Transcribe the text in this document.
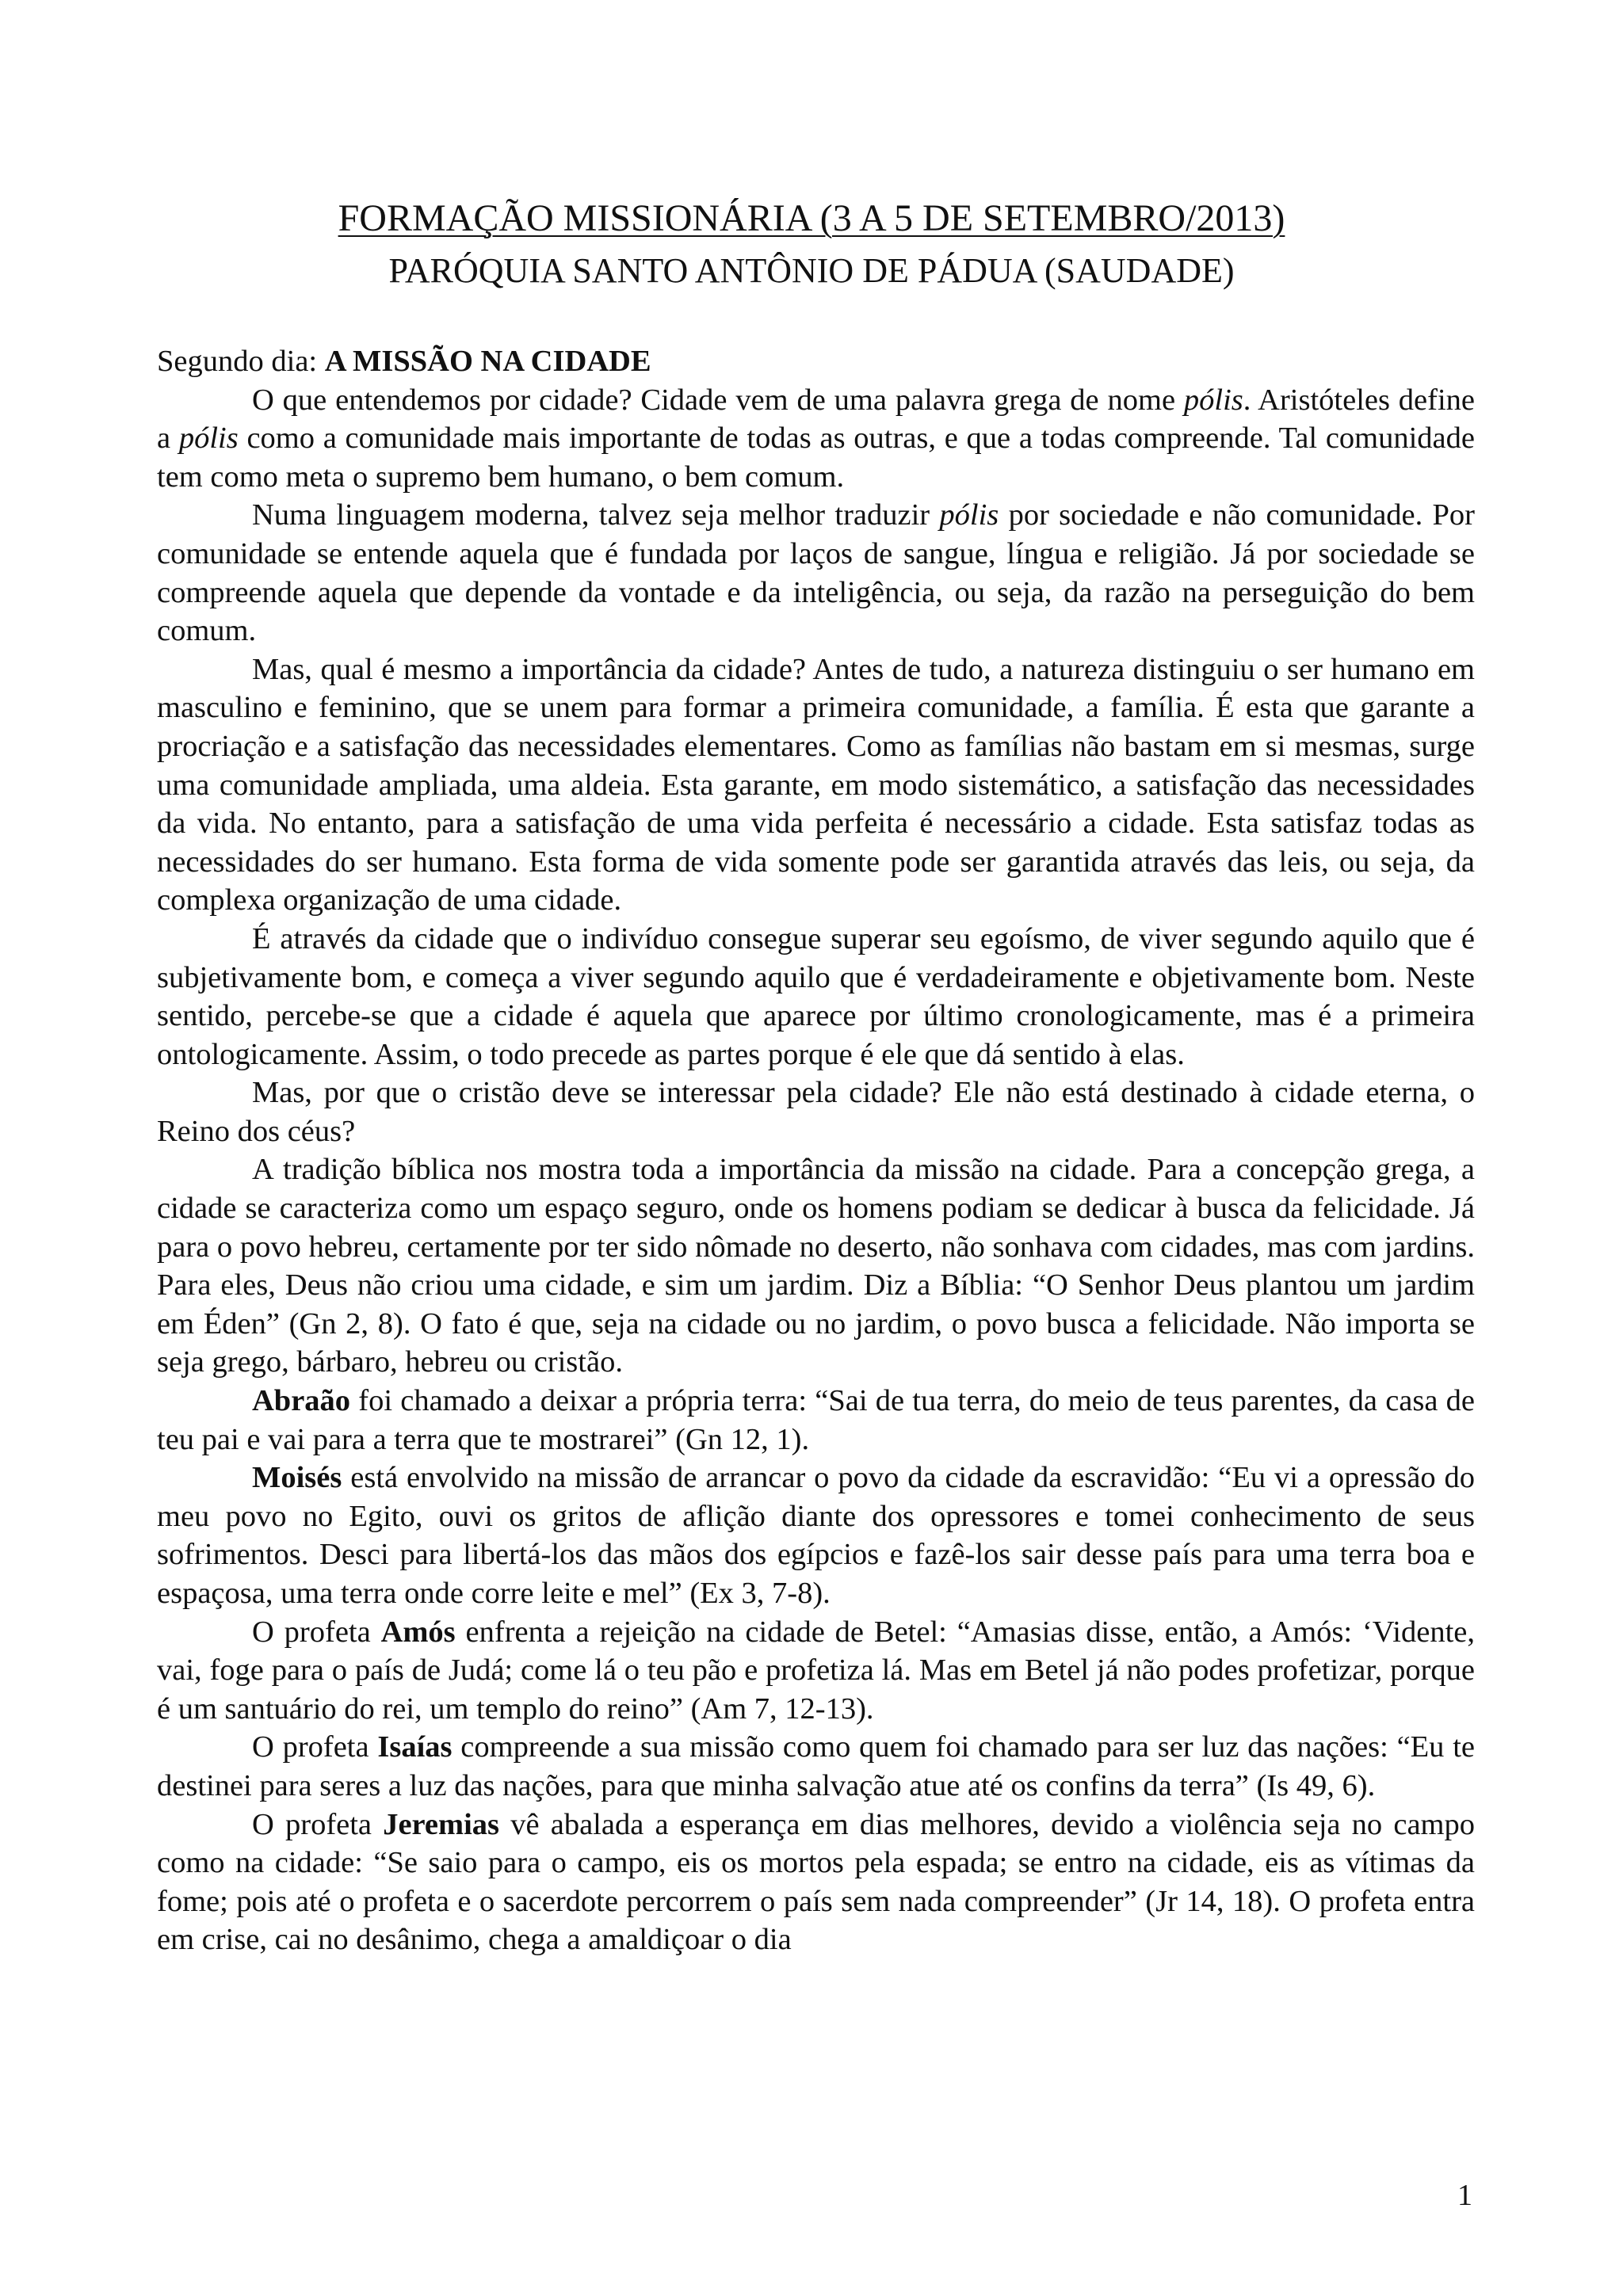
FORMAÇÃO MISSIONÁRIA (3 A 5 DE SETEMBRO/2013)
PARÓQUIA SANTO ANTÔNIO DE PÁDUA (SAUDADE)

Segundo dia: A MISSÃO NA CIDADE

O que entendemos por cidade? Cidade vem de uma palavra grega de nome pólis. Aristóteles define a pólis como a comunidade mais importante de todas as outras, e que a todas compreende. Tal comunidade tem como meta o supremo bem humano, o bem comum.

Numa linguagem moderna, talvez seja melhor traduzir pólis por sociedade e não comunidade. Por comunidade se entende aquela que é fundada por laços de sangue, língua e religião. Já por sociedade se compreende aquela que depende da vontade e da inteligência, ou seja, da razão na perseguição do bem comum.

Mas, qual é mesmo a importância da cidade? Antes de tudo, a natureza distinguiu o ser humano em masculino e feminino, que se unem para formar a primeira comunidade, a família. É esta que garante a procriação e a satisfação das necessidades elementares. Como as famílias não bastam em si mesmas, surge uma comunidade ampliada, uma aldeia. Esta garante, em modo sistemático, a satisfação das necessidades da vida. No entanto, para a satisfação de uma vida perfeita é necessário a cidade. Esta satisfaz todas as necessidades do ser humano. Esta forma de vida somente pode ser garantida através das leis, ou seja, da complexa organização de uma cidade.

É através da cidade que o indivíduo consegue superar seu egoísmo, de viver segundo aquilo que é subjetivamente bom, e começa a viver segundo aquilo que é verdadeiramente e objetivamente bom. Neste sentido, percebe-se que a cidade é aquela que aparece por último cronologicamente, mas é a primeira ontologicamente. Assim, o todo precede as partes porque é ele que dá sentido à elas.

Mas, por que o cristão deve se interessar pela cidade? Ele não está destinado à cidade eterna, o Reino dos céus?

A tradição bíblica nos mostra toda a importância da missão na cidade. Para a concepção grega, a cidade se caracteriza como um espaço seguro, onde os homens podiam se dedicar à busca da felicidade. Já para o povo hebreu, certamente por ter sido nômade no deserto, não sonhava com cidades, mas com jardins. Para eles, Deus não criou uma cidade, e sim um jardim. Diz a Bíblia: “O Senhor Deus plantou um jardim em Éden” (Gn 2, 8). O fato é que, seja na cidade ou no jardim, o povo busca a felicidade. Não importa se seja grego, bárbaro, hebreu ou cristão.

Abraão foi chamado a deixar a própria terra: “Sai de tua terra, do meio de teus parentes, da casa de teu pai e vai para a terra que te mostrarei” (Gn 12, 1).

Moisés está envolvido na missão de arrancar o povo da cidade da escravidão: “Eu vi a opressão do meu povo no Egito, ouvi os gritos de aflição diante dos opressores e tomei conhecimento de seus sofrimentos. Desci para libertá-los das mãos dos egípcios e fazê-los sair desse país para uma terra boa e espaçosa, uma terra onde corre leite e mel” (Ex 3, 7-8).

O profeta Amós enfrenta a rejeição na cidade de Betel: “Amasias disse, então, a Amós: ‘Vidente, vai, foge para o país de Judá; come lá o teu pão e profetiza lá. Mas em Betel já não podes profetizar, porque é um santuário do rei, um templo do reino” (Am 7, 12-13).

O profeta Isaías compreende a sua missão como quem foi chamado para ser luz das nações: “Eu te destinei para seres a luz das nações, para que minha salvação atue até os confins da terra” (Is 49, 6).

O profeta Jeremias vê abalada a esperança em dias melhores, devido a violência seja no campo como na cidade: “Se saio para o campo, eis os mortos pela espada; se entro na cidade, eis as vítimas da fome; pois até o profeta e o sacerdote percorrem o país sem nada compreender” (Jr 14, 18). O profeta entra em crise, cai no desânimo, chega a amaldiçoar o dia

1
